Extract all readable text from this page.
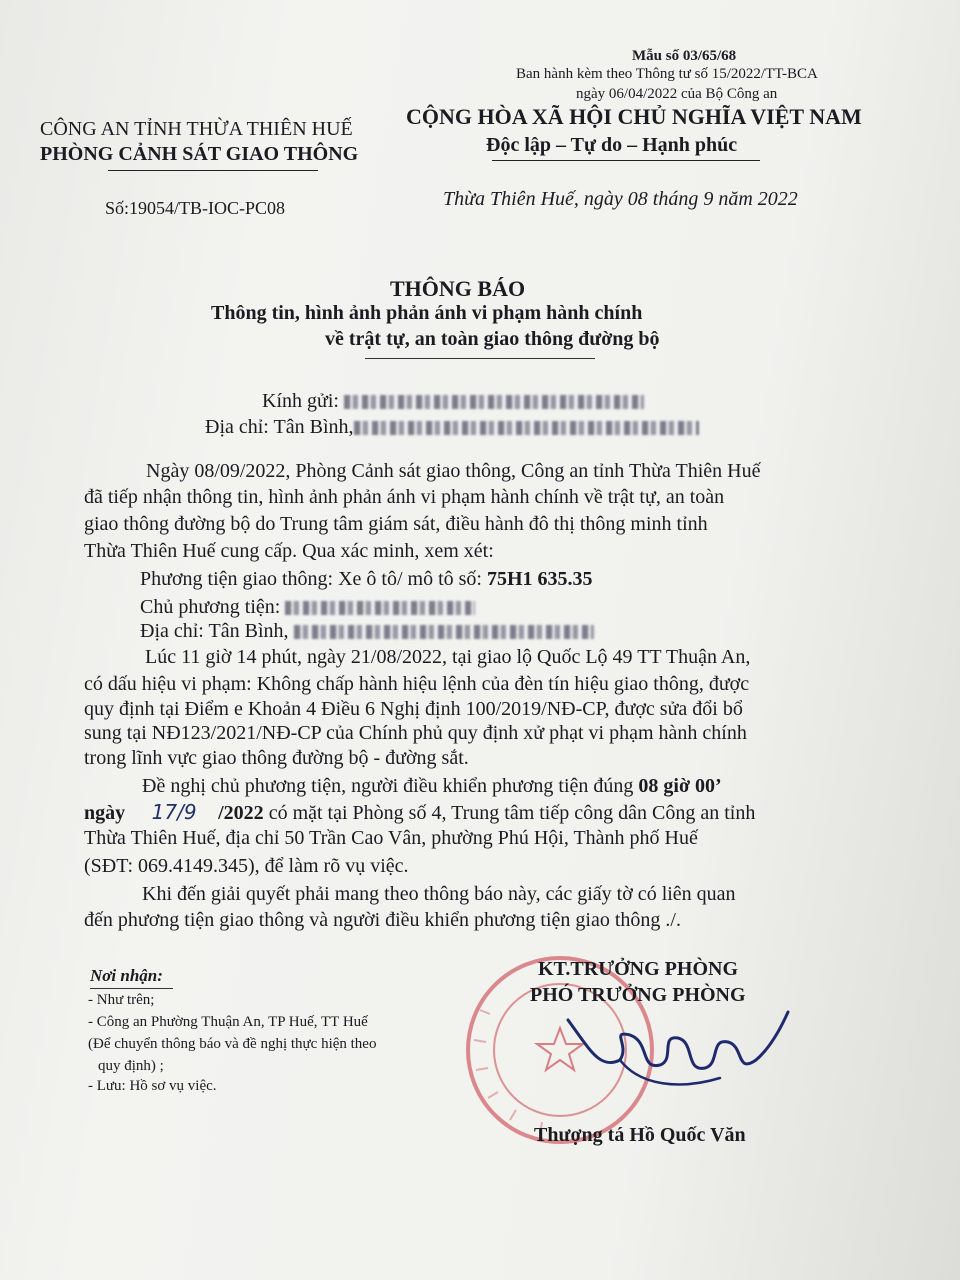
Mẫu số 03/65/68
Ban hành kèm theo Thông tư số 15/2022/TT-BCA
ngày 06/04/2022 của Bộ Công an
CÔNG AN TỈNH THỪA THIÊN HUẾ
PHÒNG CẢNH SÁT GIAO THÔNG
CỘNG HÒA XÃ HỘI CHỦ NGHĨA VIỆT NAM
Độc lập – Tự do – Hạnh phúc
Số:19054/TB-IOC-PC08	Thừa Thiên Huế, ngày 08 tháng 9 năm 2022
THÔNG BÁO
Thông tin, hình ảnh phản ánh vi phạm hành chính
về trật tự, an toàn giao thông đường bộ
Kính gửi:
Địa chỉ: Tân Bình,
Ngày 08/09/2022, Phòng Cảnh sát giao thông, Công an tỉnh Thừa Thiên Huế
đã tiếp nhận thông tin, hình ảnh phản ánh vi phạm hành chính về trật tự, an toàn
giao thông đường bộ do Trung tâm giám sát, điều hành đô thị thông minh tỉnh
Thừa Thiên Huế cung cấp. Qua xác minh, xem xét:
Phương tiện giao thông: Xe ô tô/ mô tô số: 75H1 635.35
Chủ phương tiện:
Địa chỉ: Tân Bình,
Lúc 11 giờ 14 phút, ngày 21/08/2022, tại giao lộ Quốc Lộ 49 TT Thuận An,
có dấu hiệu vi phạm: Không chấp hành hiệu lệnh của đèn tín hiệu giao thông, được
quy định tại Điểm e Khoản 4 Điều 6 Nghị định 100/2019/NĐ-CP, được sửa đổi bổ
sung tại NĐ123/2021/NĐ-CP của Chính phủ quy định xử phạt vi phạm hành chính
trong lĩnh vực giao thông đường bộ - đường sắt.
Đề nghị chủ phương tiện, người điều khiển phương tiện đúng 08 giờ 00’
ngày 17/9 /2022 có mặt tại Phòng số 4, Trung tâm tiếp công dân Công an tỉnh
Thừa Thiên Huế, địa chỉ 50 Trần Cao Vân, phường Phú Hội, Thành phố Huế
(SĐT: 069.4149.345), để làm rõ vụ việc.
Khi đến giải quyết phải mang theo thông báo này, các giấy tờ có liên quan
đến phương tiện giao thông và người điều khiển phương tiện giao thông ./.
Nơi nhận:
- Như trên;
- Công an Phường Thuận An, TP Huế, TT Huế
(Để chuyển thông báo và đề nghị thực hiện theo
quy định) ;
- Lưu: Hồ sơ vụ việc.
KT.TRƯỞNG PHÒNG
PHÓ TRƯỞNG PHÒNG
Thượng tá Hồ Quốc Văn
